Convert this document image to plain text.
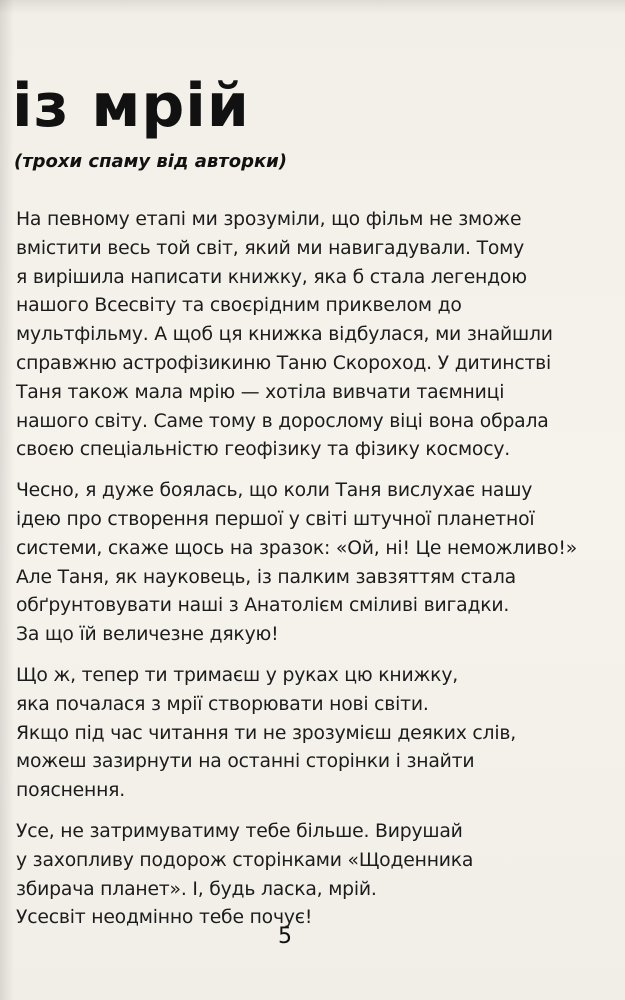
із мрій
(трохи спаму від авторки)

На певному етапі ми зрозуміли, що фільм не зможе
вмістити весь той світ, який ми навигадували. Тому
я вирішила написати книжку, яка б стала легендою
нашого Всесвіту та своєрідним приквелом до
мультфільму. А щоб ця книжка відбулася, ми знайшли
справжню астрофізикиню Таню Скороход. У дитинстві
Таня також мала мрію — хотіла вивчати таємниці
нашого світу. Саме тому в дорослому віці вона обрала
своєю спеціальністю геофізику та фізику космосу.

Чесно, я дуже боялась, що коли Таня вислухає нашу
ідею про створення першої у світі штучної планетної
системи, скаже щось на зразок: «Ой, ні! Це неможливо!»
Але Таня, як науковець, із палким завзяттям стала
обґрунтовувати наші з Анатолієм сміливі вигадки.
За що їй величезне дякую!

Що ж, тепер ти тримаєш у руках цю книжку,
яка почалася з мрії створювати нові світи.
Якщо під час читання ти не зрозумієш деяких слів,
можеш зазирнути на останні сторінки і знайти
пояснення.

Усе, не затримуватиму тебе більше. Вирушай
у захопливу подорож сторінками «Щоденника
збирача планет». І, будь ласка, мрій.
Усесвіт неодмінно тебе почує!

5
